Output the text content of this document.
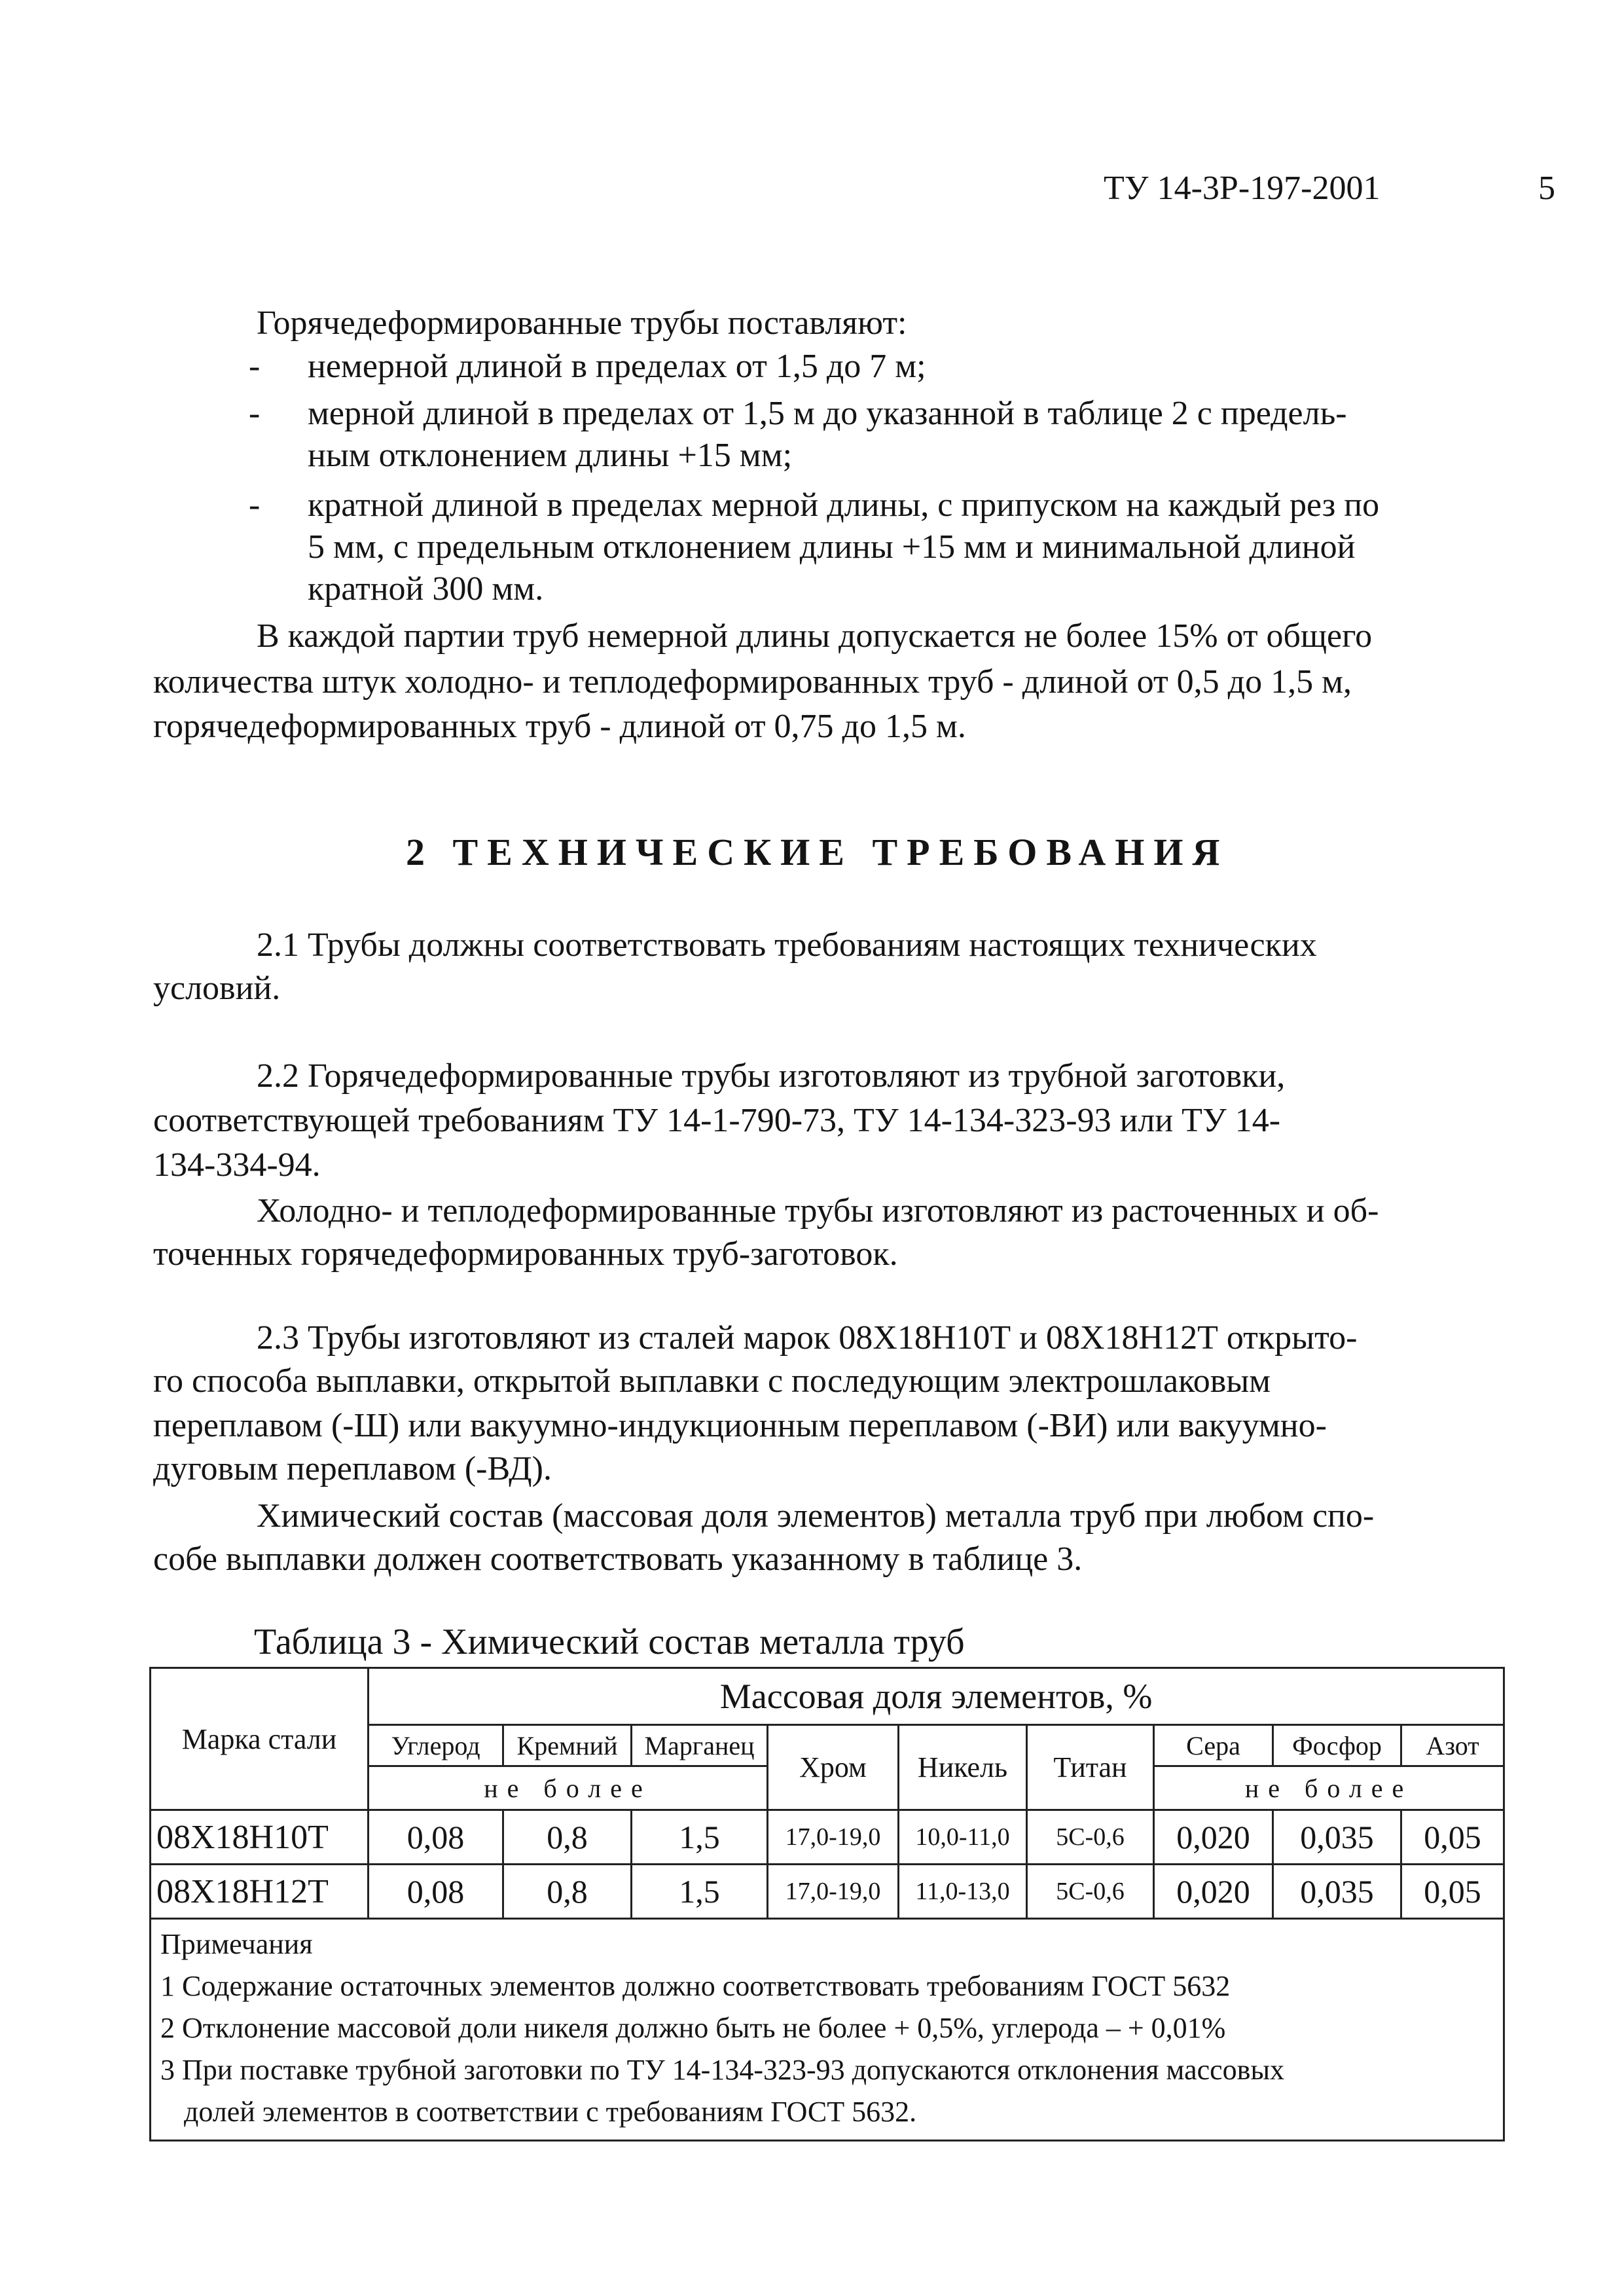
ТУ 14-3Р-197-2001	5
Горячедеформированные трубы поставляют:
- немерной длиной в пределах от 1,5 до 7 м;
- мерной длиной в пределах от 1,5 м до указанной в таблице 2 с предель-
ным отклонением длины +15 мм;
- кратной длиной в пределах мерной длины, с припуском на каждый рез по
5 мм, с предельным отклонением длины +15 мм и минимальной длиной
кратной 300 мм.
В каждой партии труб немерной длины допускается не более 15% от общего
количества штук холодно- и теплодеформированных труб - длиной от 0,5 до 1,5 м,
горячедеформированных труб - длиной от 0,75 до 1,5 м.
2 ТЕХНИЧЕСКИЕ ТРЕБОВАНИЯ
2.1 Трубы должны соответствовать требованиям настоящих технических
условий.
2.2 Горячедеформированные трубы изготовляют из трубной заготовки,
соответствующей требованиям ТУ 14-1-790-73, ТУ 14-134-323-93 или ТУ 14-
134-334-94.
Холодно- и теплодеформированные трубы изготовляют из расточенных и об-
точенных горячедеформированных труб-заготовок.
2.3 Трубы изготовляют из сталей марок 08Х18Н10Т и 08Х18Н12Т открыто-
го способа выплавки, открытой выплавки с последующим электрошлаковым
переплавом (-Ш) или вакуумно-индукционным переплавом (-ВИ) или вакуумно-
дуговым переплавом (-ВД).
Химический состав (массовая доля элементов) металла труб при любом спо-
собе выплавки должен соответствовать указанному в таблице 3.
Таблица 3 - Химический состав металла труб
Марка стали	Массовая доля элементов, %								
	Углерод	Кремний	Марганец	Хром	Никель	Титан	Сера	Фосфор	Азот
	не более						не более		
08Х18Н10Т	0,08	0,8	1,5	17,0-19,0	10,0-11,0	5С-0,6	0,020	0,035	0,05
08Х18Н12Т	0,08	0,8	1,5	17,0-19,0	11,0-13,0	5С-0,6	0,020	0,035	0,05

Примечания
1 Содержание остаточных элементов должно соответствовать требованиям ГОСТ 5632
2 Отклонение массовой доли никеля должно быть не более + 0,5%, углерода – + 0,01%
3 При поставке трубной заготовки по ТУ 14-134-323-93 допускаются отклонения массовых
долей элементов в соответствии с требованиям ГОСТ 5632.									
